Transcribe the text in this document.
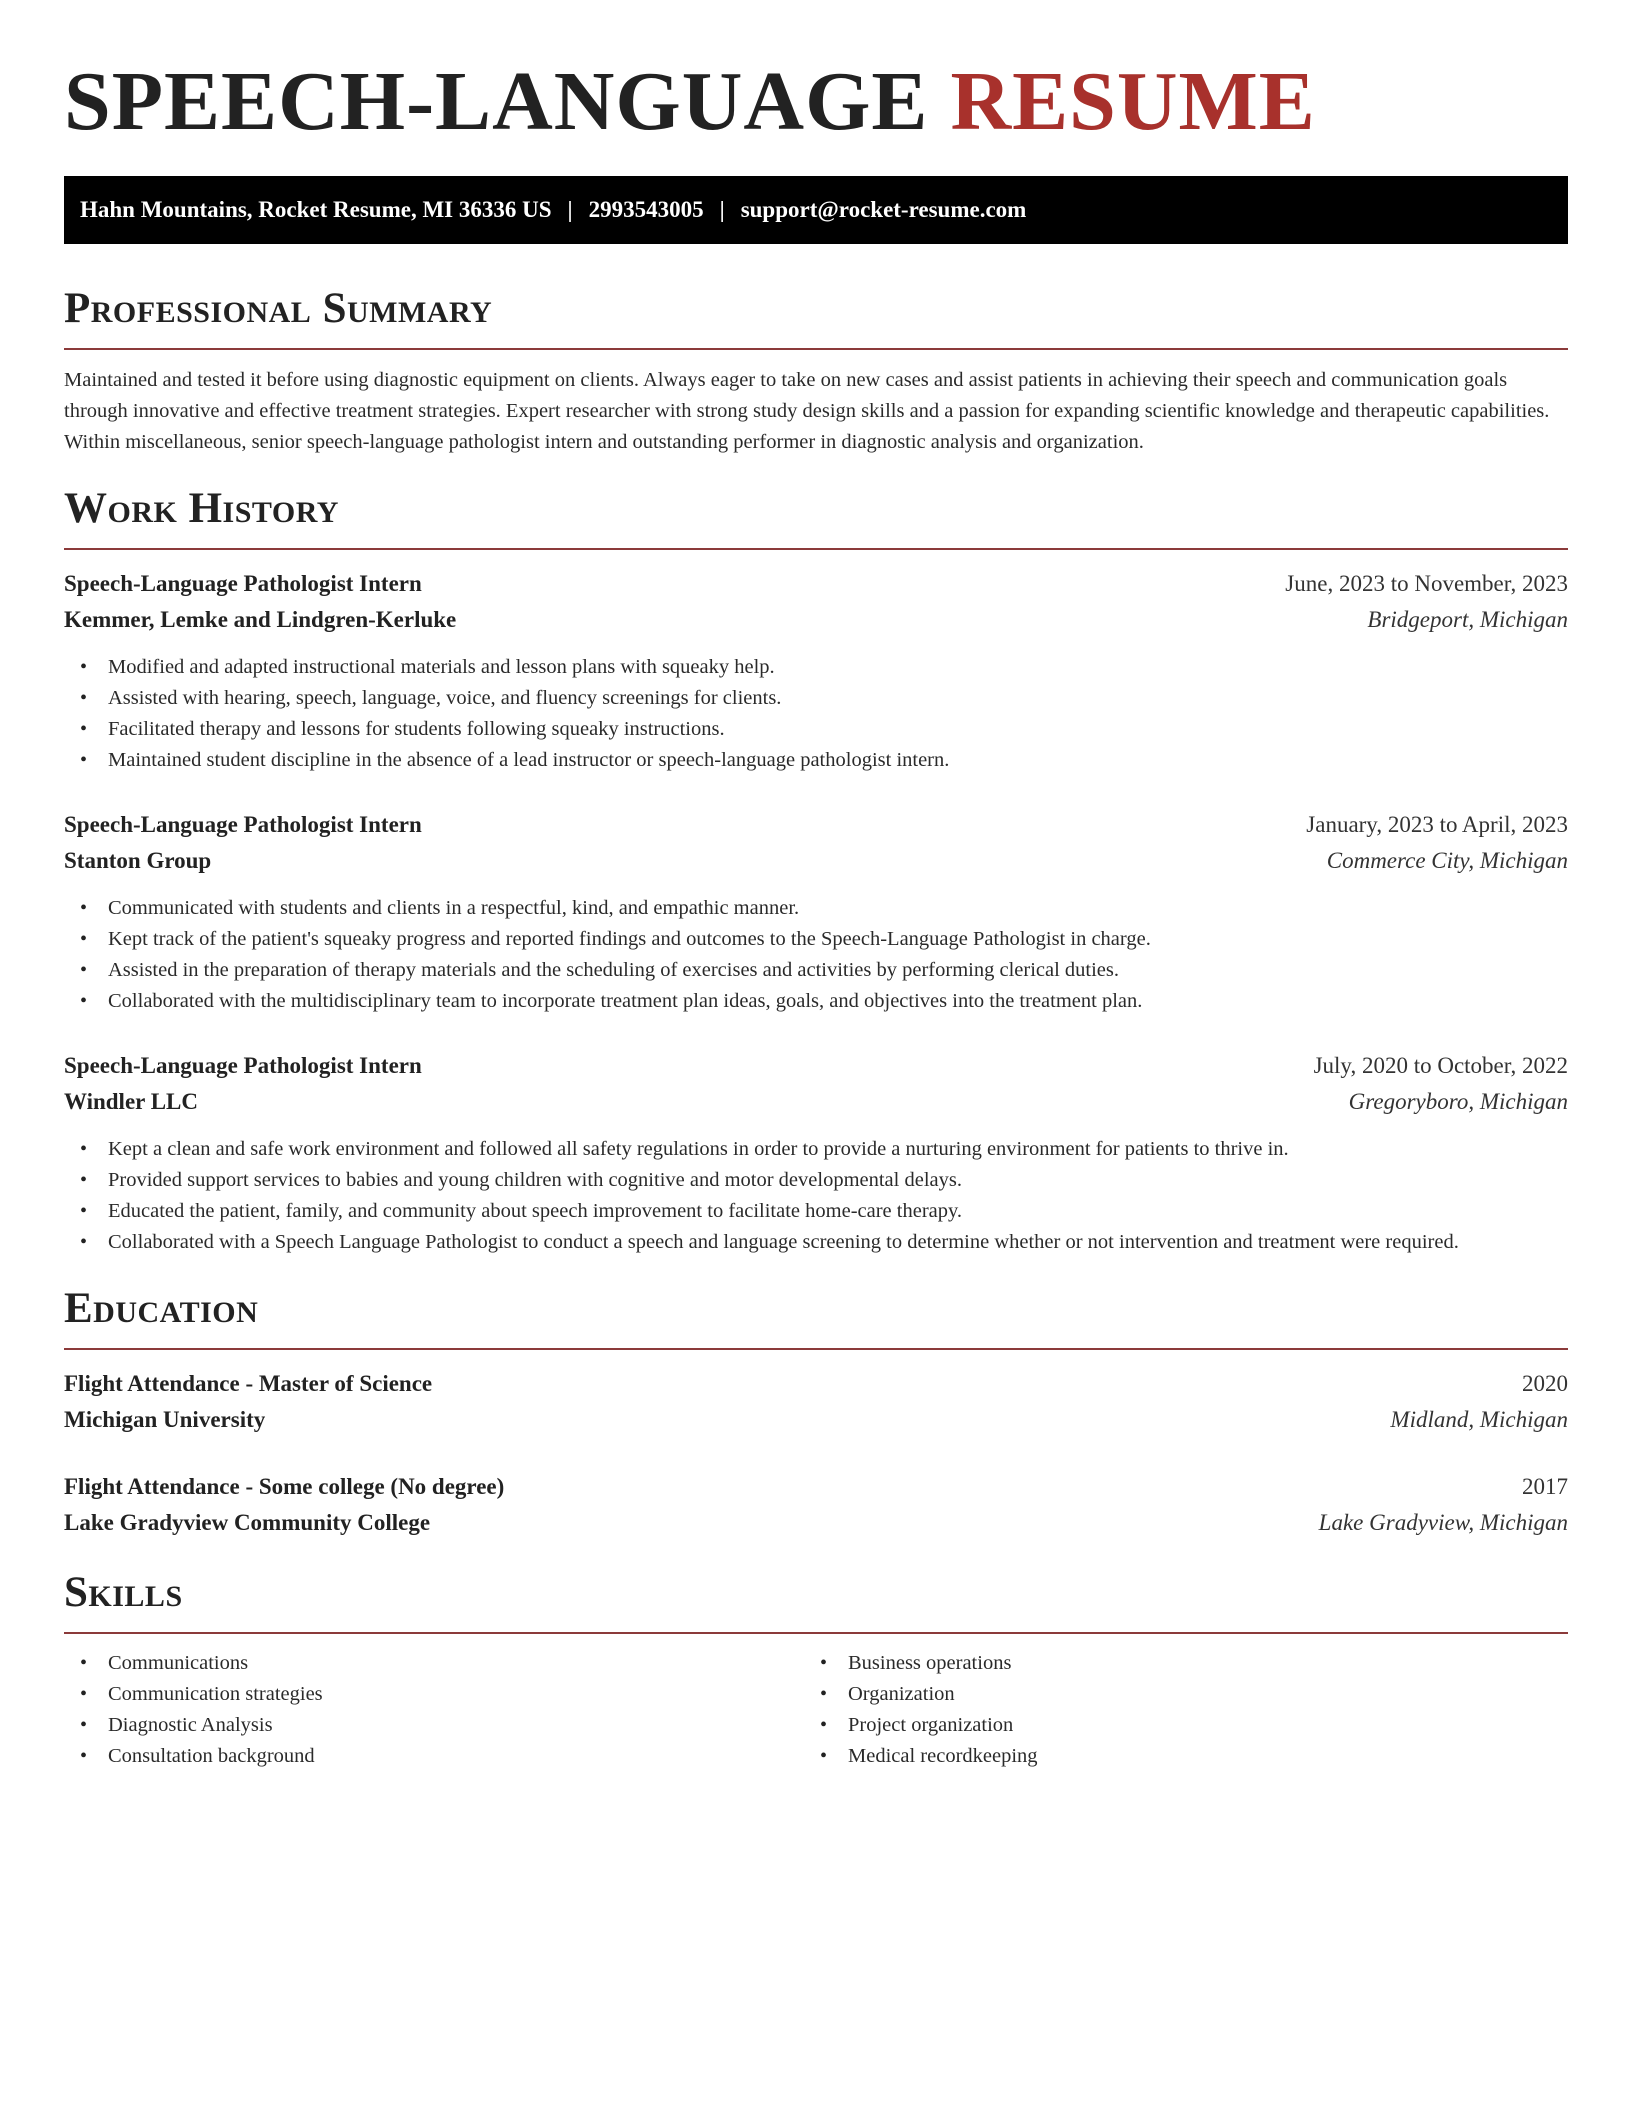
SPEECH-LANGUAGE RESUME
Hahn Mountains, Rocket Resume, MI 36336 US | 2993543005 | support@rocket-resume.com
Professional Summary

Maintained and tested it before using diagnostic equipment on clients. Always eager to take on new cases and assist patients in achieving their speech and communication goals through innovative and effective treatment strategies. Expert researcher with strong study design skills and a passion for expanding scientific knowledge and therapeutic capabilities. Within miscellaneous, senior speech-language pathologist intern and outstanding performer in diagnostic analysis and organization.

Work History
Speech-Language Pathologist Intern	June, 2023 to November, 2023
Kemmer, Lemke and Lindgren-Kerluke	Bridgeport, Michigan
• Modified and adapted instructional materials and lesson plans with squeaky help.
• Assisted with hearing, speech, language, voice, and fluency screenings for clients.
• Facilitated therapy and lessons for students following squeaky instructions.
• Maintained student discipline in the absence of a lead instructor or speech-language pathologist intern.
Speech-Language Pathologist Intern	January, 2023 to April, 2023
Stanton Group	Commerce City, Michigan
• Communicated with students and clients in a respectful, kind, and empathic manner.
• Kept track of the patient's squeaky progress and reported findings and outcomes to the Speech-Language Pathologist in charge.
• Assisted in the preparation of therapy materials and the scheduling of exercises and activities by performing clerical duties.
• Collaborated with the multidisciplinary team to incorporate treatment plan ideas, goals, and objectives into the treatment plan.
Speech-Language Pathologist Intern	July, 2020 to October, 2022
Windler LLC	Gregoryboro, Michigan
• Kept a clean and safe work environment and followed all safety regulations in order to provide a nurturing environment for patients to thrive in.
• Provided support services to babies and young children with cognitive and motor developmental delays.
• Educated the patient, family, and community about speech improvement to facilitate home-care therapy.
• Collaborated with a Speech Language Pathologist to conduct a speech and language screening to determine whether or not intervention and treatment were required.
Education
Flight Attendance - Master of Science	2020
Michigan University	Midland, Michigan
Flight Attendance - Some college (No degree)	2017
Lake Gradyview Community College	Lake Gradyview, Michigan
Skills
• Communications
• Communication strategies
• Diagnostic Analysis
• Consultation background
• Business operations
• Organization
• Project organization
• Medical recordkeeping
